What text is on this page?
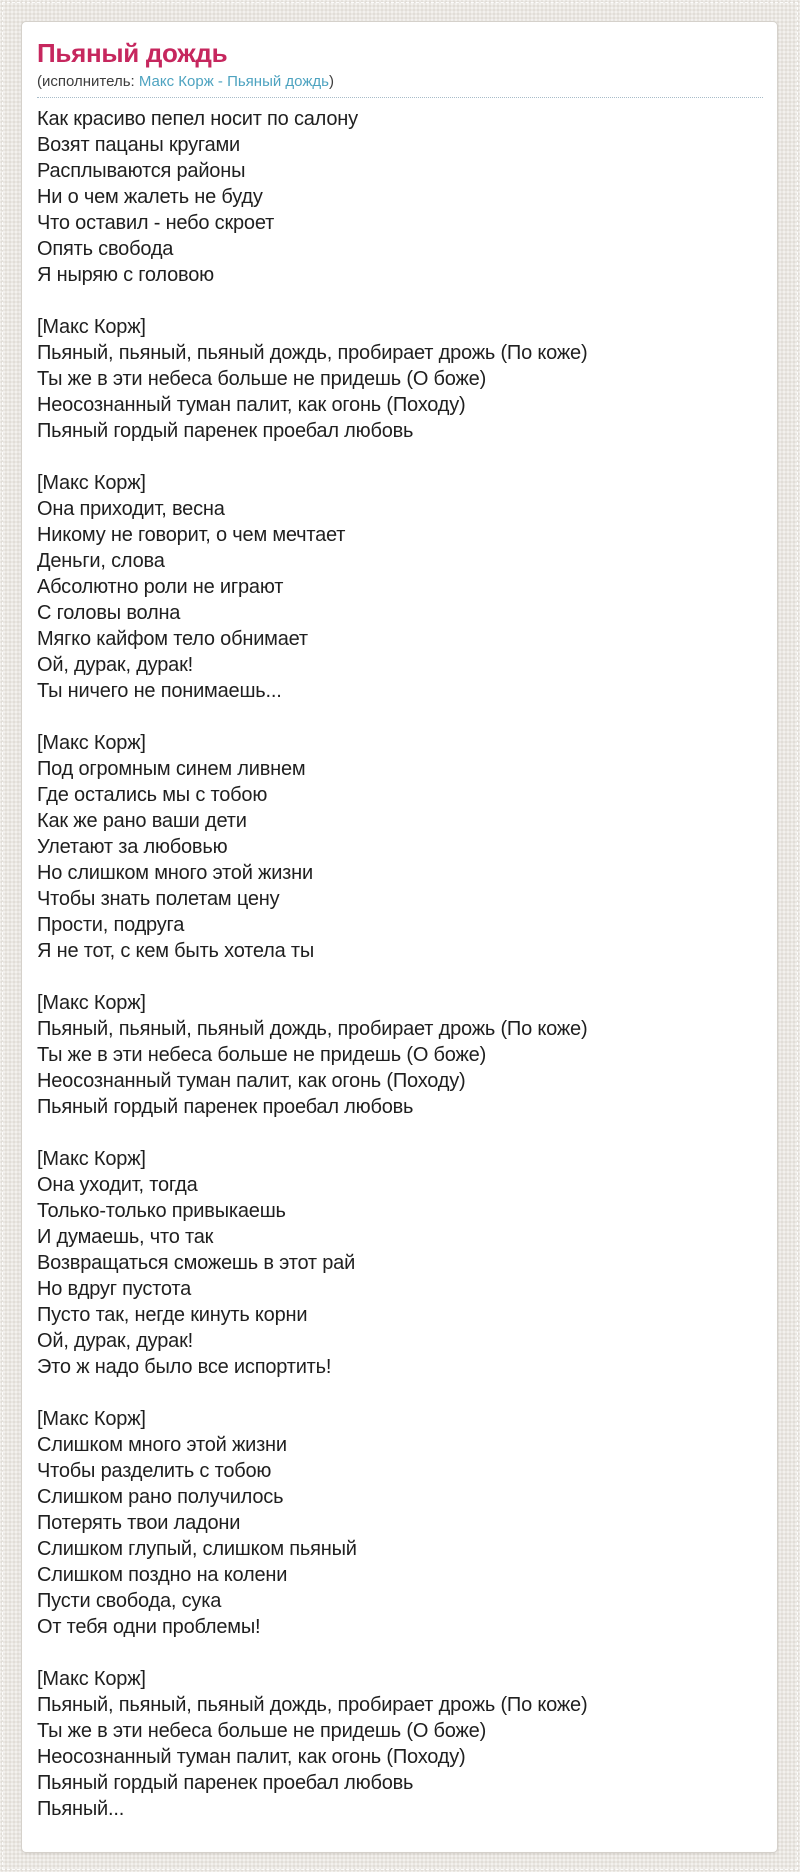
Пьяный дождь
(исполнитель: Макс Корж - Пьяный дождь)
Как красиво пепел носит по салону
Возят пацаны кругами
Расплываются районы
Ни о чем жалеть не буду
Что оставил - небо скроет
Опять свобода
Я ныряю с головою
[Макс Корж]
Пьяный, пьяный, пьяный дождь, пробирает дрожь (По коже)
Ты же в эти небеса больше не придешь (О боже)
Неосознанный туман палит, как огонь (Походу)
Пьяный гордый паренек проебал любовь
[Макс Корж]
Она приходит, весна
Никому не говорит, о чем мечтает
Деньги, слова
Абсолютно роли не играют
С головы волна
Мягко кайфом тело обнимает
Ой, дурак, дурак!
Ты ничего не понимаешь...
[Макс Корж]
Под огромным синем ливнем
Где остались мы с тобою
Как же рано ваши дети
Улетают за любовью
Но слишком много этой жизни
Чтобы знать полетам цену
Прости, подруга
Я не тот, с кем быть хотела ты
[Макс Корж]
Пьяный, пьяный, пьяный дождь, пробирает дрожь (По коже)
Ты же в эти небеса больше не придешь (О боже)
Неосознанный туман палит, как огонь (Походу)
Пьяный гордый паренек проебал любовь
[Макс Корж]
Она уходит, тогда
Только-только привыкаешь
И думаешь, что так
Возвращаться сможешь в этот рай
Но вдруг пустота
Пусто так, негде кинуть корни
Ой, дурак, дурак!
Это ж надо было все испортить!
[Макс Корж]
Слишком много этой жизни
Чтобы разделить с тобою
Слишком рано получилось
Потерять твои ладони
Слишком глупый, слишком пьяный
Слишком поздно на колени
Пусти свобода, сука
От тебя одни проблемы!
[Макс Корж]
Пьяный, пьяный, пьяный дождь, пробирает дрожь (По коже)
Ты же в эти небеса больше не придешь (О боже)
Неосознанный туман палит, как огонь (Походу)
Пьяный гордый паренек проебал любовь
Пьяный...
